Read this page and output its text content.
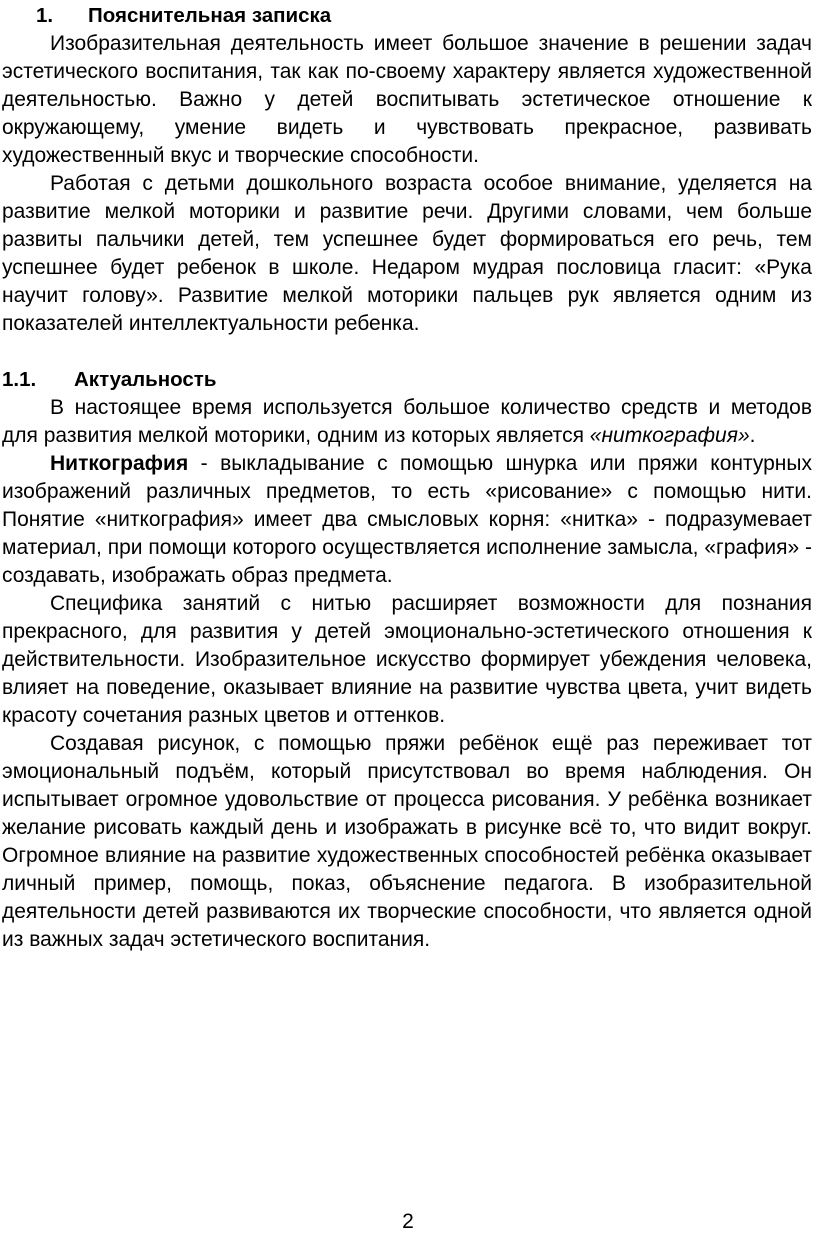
1. Пояснительная записка

Изобразительная деятельность имеет большое значение в решении задач эстетического воспитания, так как по-своему характеру является художественной деятельностью. Важно у детей воспитывать эстетическое отношение к окружающему, умение видеть и чувствовать прекрасное, развивать художественный вкус и творческие способности.

Работая с детьми дошкольного возраста особое внимание, уделяется на развитие мелкой моторики и развитие речи. Другими словами, чем больше развиты пальчики детей, тем успешнее будет формироваться его речь, тем успешнее будет ребенок в школе. Недаром мудрая пословица гласит: «Рука научит голову». Развитие мелкой моторики пальцев рук является одним из показателей интеллектуальности ребенка.

1.1. Актуальность

В настоящее время используется большое количество средств и методов для развития мелкой моторики, одним из которых является «ниткография».

Ниткография - выкладывание с помощью шнурка или пряжи контурных изображений различных предметов, то есть «рисование» с помощью нити. Понятие «ниткография» имеет два смысловых корня: «нитка» - подразумевает материал, при помощи которого осуществляется исполнение замысла, «графия» - создавать, изображать образ предмета.

Специфика занятий с нитью расширяет возможности для познания прекрасного, для развития у детей эмоционально-эстетического отношения к действительности. Изобразительное искусство формирует убеждения человека, влияет на поведение, оказывает влияние на развитие чувства цвета, учит видеть красоту сочетания разных цветов и оттенков.

Создавая рисунок, с помощью пряжи ребёнок ещё раз переживает тот эмоциональный подъём, который присутствовал во время наблюдения. Он испытывает огромное удовольствие от процесса рисования. У ребёнка возникает желание рисовать каждый день и изображать в рисунке всё то, что видит вокруг. Огромное влияние на развитие художественных способностей ребёнка оказывает личный пример, помощь, показ, объяснение педагога. В изобразительной деятельности детей развиваются их творческие способности, что является одной из важных задач эстетического воспитания.

2
